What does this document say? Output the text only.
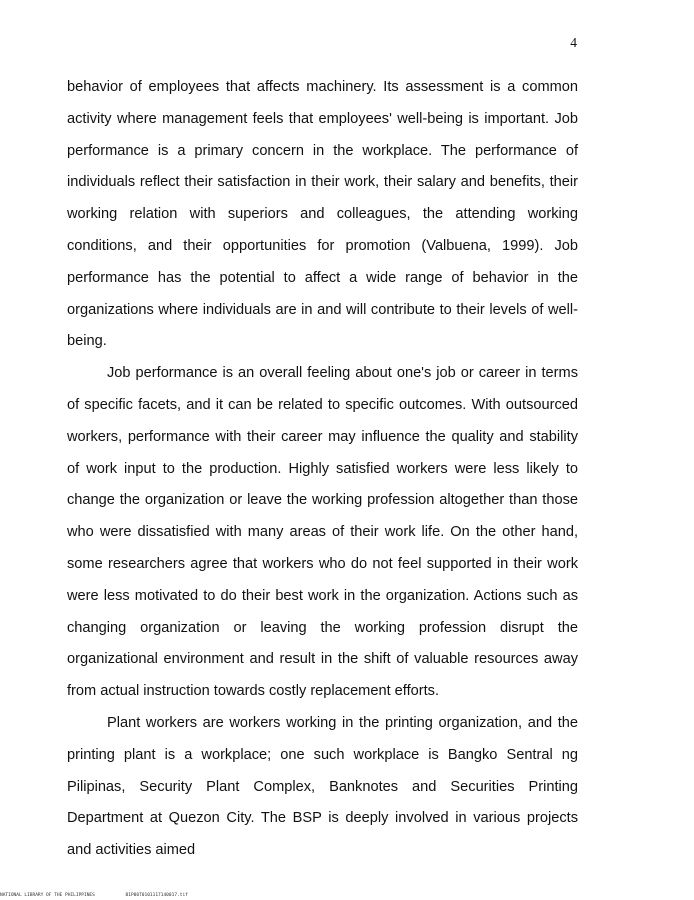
4

behavior of employees that affects machinery. Its assessment is a common activity where management feels that employees' well-being is important. Job performance is a primary concern in the workplace. The performance of individuals reflect their satisfaction in their work, their salary and benefits, their working relation with superiors and colleagues, the attending working conditions, and their opportunities for promotion (Valbuena, 1999). Job performance has the potential to affect a wide range of behavior in the organizations where individuals are in and will contribute to their levels of well-being.

Job performance is an overall feeling about one's job or career in terms of specific facets, and it can be related to specific outcomes. With outsourced workers, performance with their career may influence the quality and stability of work input to the production. Highly satisfied workers were less likely to change the organization or leave the working profession altogether than those who were dissatisfied with many areas of their work life. On the other hand, some researchers agree that workers who do not feel supported in their work were less motivated to do their best work in the organization. Actions such as changing organization or leaving the working profession disrupt the organizational environment and result in the shift of valuable resources away from actual instruction towards costly replacement efforts.

Plant workers are workers working in the printing organization, and the printing plant is a workplace; one such workplace is Bangko Sentral ng Pilipinas, Security Plant Complex, Banknotes and Securities Printing Department at Quezon City. The BSP is deeply involved in various projects and activities aimed

NATIONAL LIBRARY OF THE PHILIPPINES	B1P00T0101117140017.tif
